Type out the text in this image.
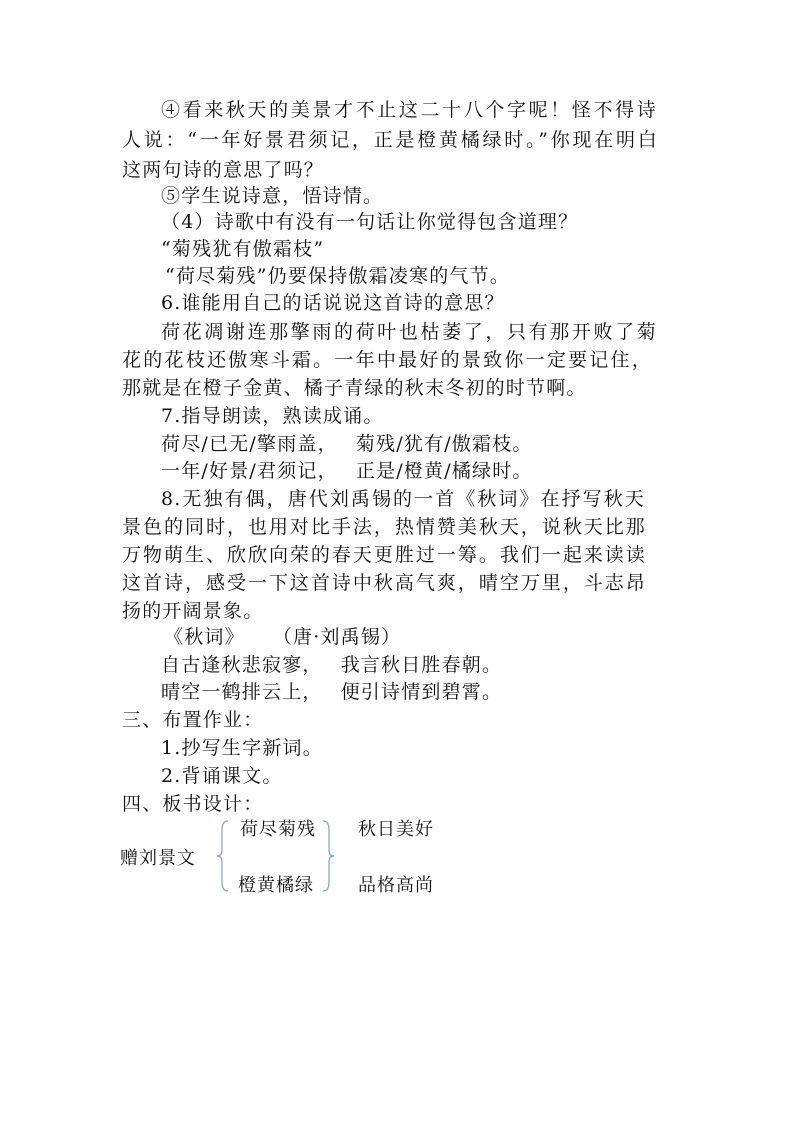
④看来秋天的美景才不止这二十八个字呢！怪不得诗
人说：“一年好景君须记，正是橙黄橘绿时。”你现在明白
这两句诗的意思了吗？
⑤学生说诗意，悟诗情。
（4）诗歌中有没有一句话让你觉得包含道理？
“菊残犹有傲霜枝”
“荷尽菊残”仍要保持傲霜凌寒的气节。
6.谁能用自己的话说说这首诗的意思？
荷花凋谢连那擎雨的荷叶也枯萎了，只有那开败了菊
花的花枝还傲寒斗霜。一年中最好的景致你一定要记住，
那就是在橙子金黄、橘子青绿的秋末冬初的时节啊。
7.指导朗读，熟读成诵。
荷尽/已无/擎雨盖， 菊残/犹有/傲霜枝。
一年/好景/君须记， 正是/橙黄/橘绿时。
8.无独有偶，唐代刘禹锡的一首《秋词》在抒写秋天
景色的同时，也用对比手法，热情赞美秋天，说秋天比那
万物萌生、欣欣向荣的春天更胜过一筹。我们一起来读读
这首诗，感受一下这首诗中秋高气爽，晴空万里，斗志昂
扬的开阔景象。
《秋词》 （唐·刘禹锡）
自古逢秋悲寂寥， 我言秋日胜春朝。
晴空一鹤排云上， 便引诗情到碧霄。
三、布置作业：
1.抄写生字新词。
2.背诵课文。
四、板书设计：
赠刘景文
荷尽菊残
橙黄橘绿
秋日美好
品格高尚
